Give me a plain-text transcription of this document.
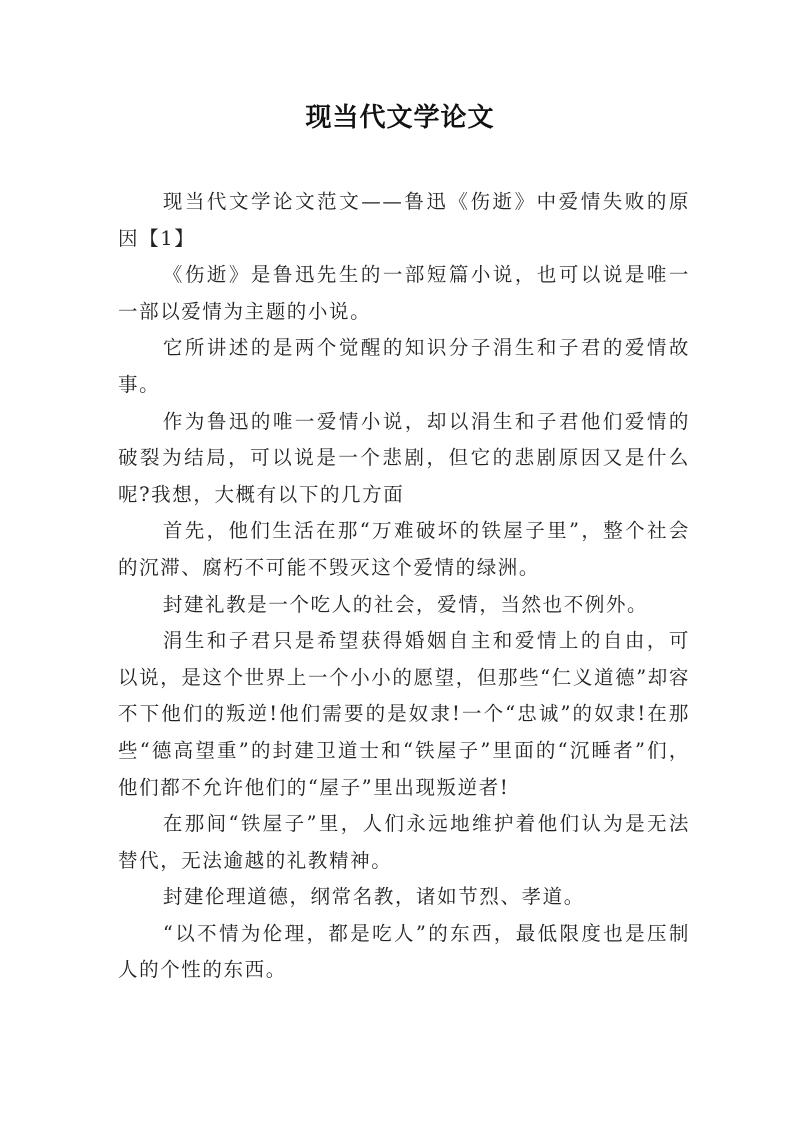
现当代文学论文

现当代文学论文范文——鲁迅《伤逝》中爱情失败的原因【1】

《伤逝》是鲁迅先生的一部短篇小说，也可以说是唯一一部以爱情为主题的小说。

它所讲述的是两个觉醒的知识分子涓生和子君的爱情故事。

作为鲁迅的唯一爱情小说，却以涓生和子君他们爱情的破裂为结局，可以说是一个悲剧，但它的悲剧原因又是什么呢?我想，大概有以下的几方面

首先，他们生活在那“万难破坏的铁屋子里”，整个社会的沉滞、腐朽不可能不毁灭这个爱情的绿洲。

封建礼教是一个吃人的社会，爱情，当然也不例外。

涓生和子君只是希望获得婚姻自主和爱情上的自由，可以说，是这个世界上一个小小的愿望，但那些“仁义道德”却容不下他们的叛逆!他们需要的是奴隶!一个“忠诚”的奴隶!在那些“德高望重”的封建卫道士和“铁屋子”里面的“沉睡者”们，他们都不允许他们的“屋子”里出现叛逆者!

在那间“铁屋子”里，人们永远地维护着他们认为是无法替代，无法逾越的礼教精神。

封建伦理道德，纲常名教，诸如节烈、孝道。

“以不情为伦理，都是吃人”的东西，最低限度也是压制人的个性的东西。
